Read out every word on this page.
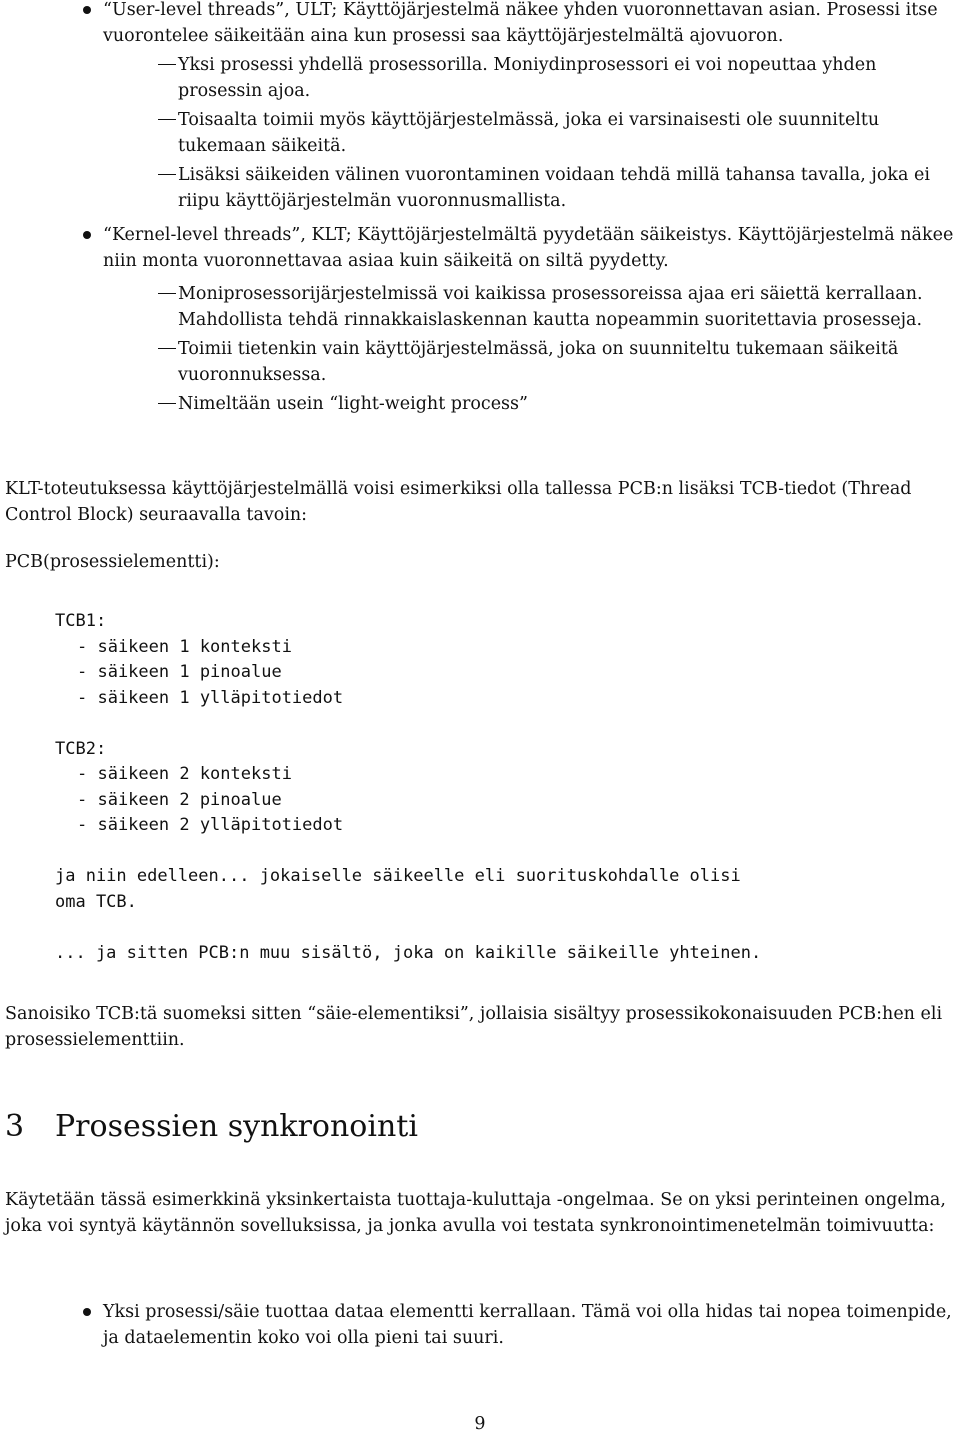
“User-level threads”, ULT; Käyttöjärjestelmä näkee yhden vuoronnettavan asian. Prosessi itse vuorontelee säikeitään aina kun prosessi saa käyttöjärjestelmältä ajovuoron.
Yksi prosessi yhdellä prosessorilla. Moniydinprosessori ei voi nopeuttaa yhden prosessin ajoa.
Toisaalta toimii myös käyttöjärjestelmässä, joka ei varsinaisesti ole suunniteltu tukemaan säikeitä.
Lisäksi säikeiden välinen vuorontaminen voidaan tehdä millä tahansa tavalla, joka ei riipu käyttöjärjestelmän vuoronnusmallista.
“Kernel-level threads”, KLT; Käyttöjärjestelmältä pyydetään säikeistys. Käyttöjärjestelmä näkee niin monta vuoronnettavaa asiaa kuin säikeitä on siltä pyydetty.
Moniprosessorijärjestelmissä voi kaikissa prosessoreissa ajaa eri säiettä kerrallaan. Mahdollista tehdä rinnakkaislaskennan kautta nopeammin suoritettavia prosesseja.
Toimii tietenkin vain käyttöjärjestelmässä, joka on suunniteltu tukemaan säikeitä vuoronnuksessa.
Nimeltään usein “light-weight process”

KLT-toteutuksessa käyttöjärjestelmällä voisi esimerkiksi olla tallessa PCB:n lisäksi TCB-tiedot (Thread Control Block) seuraavalla tavoin:

PCB(prosessielementti):

TCB1:
- säikeen 1 konteksti
- säikeen 1 pinoalue
- säikeen 1 ylläpitotiedot
TCB2:
- säikeen 2 konteksti
- säikeen 2 pinoalue
- säikeen 2 ylläpitotiedot
ja niin edelleen... jokaiselle säikeelle eli suorituskohdalle olisi
oma TCB.
... ja sitten PCB:n muu sisältö, joka on kaikille säikeille yhteinen.

Sanoisiko TCB:tä suomeksi sitten “säie-elementiksi”, jollaisia sisältyy prosessikokonaisuuden PCB:hen eli prosessielementtiin.

3 Prosessien synkronointi

Käytetään tässä esimerkkinä yksinkertaista tuottaja-kuluttaja -ongelmaa. Se on yksi perinteinen ongelma, joka voi syntyä käytännön sovelluksissa, ja jonka avulla voi testata synkronointimenetelmän toimivuutta:

Yksi prosessi/säie tuottaa dataa elementti kerrallaan. Tämä voi olla hidas tai nopea toimenpide, ja dataelementin koko voi olla pieni tai suuri.
9
